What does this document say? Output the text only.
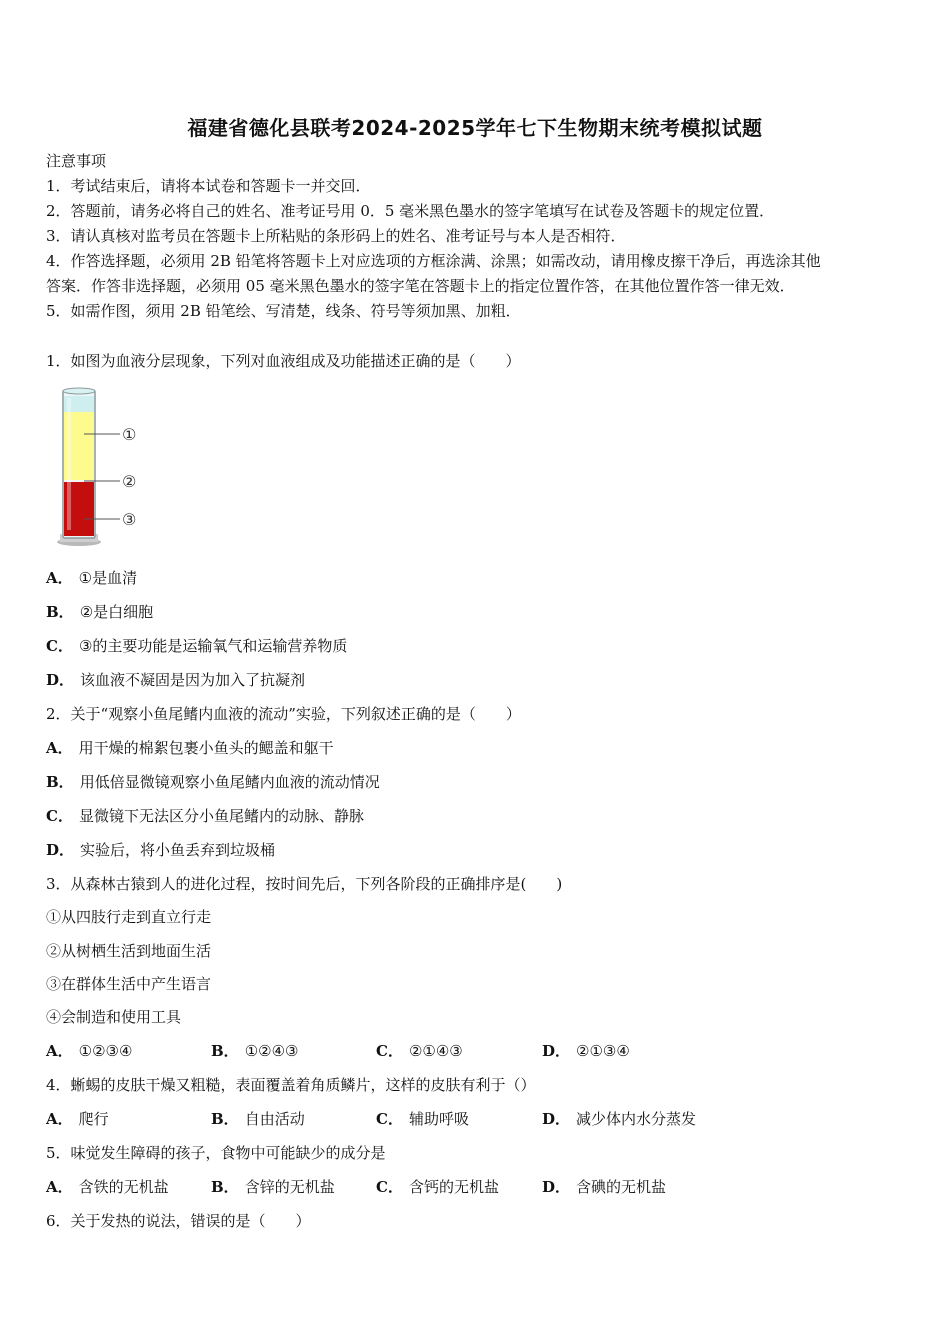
福建省德化县联考2024-2025学年七下生物期末统考模拟试题
注意事项
1．考试结束后，请将本试卷和答题卡一并交回．
2．答题前，请务必将自己的姓名、准考证号用 0．5 毫米黑色墨水的签字笔填写在试卷及答题卡的规定位置．
3．请认真核对监考员在答题卡上所粘贴的条形码上的姓名、准考证号与本人是否相符．
4．作答选择题，必须用 2B 铅笔将答题卡上对应选项的方框涂满、涂黑；如需改动，请用橡皮擦干净后，再选涂其他
答案．作答非选择题，必须用 05 毫米黑色墨水的签字笔在答题卡上的指定位置作答，在其他位置作答一律无效．
5．如需作图，须用 2B 铅笔绘、写清楚，线条、符号等须加黑、加粗．
1．如图为血液分层现象，下列对血液组成及功能描述正确的是（　　）
①
②
③
A． ①是血清
B． ②是白细胞
C． ③的主要功能是运输氧气和运输营养物质
D． 该血液不凝固是因为加入了抗凝剂
2．关于“观察小鱼尾鳍内血液的流动”实验，下列叙述正确的是（　　）
A． 用干燥的棉絮包裹小鱼头的鳃盖和躯干
B． 用低倍显微镜观察小鱼尾鳍内血液的流动情况
C． 显微镜下无法区分小鱼尾鳍内的动脉、静脉
D． 实验后，将小鱼丢弃到垃圾桶
3．从森林古猿到人的进化过程，按时间先后，下列各阶段的正确排序是(　　)
①从四肢行走到直立行走
②从树栖生活到地面生活
③在群体生活中产生语言
④会制造和使用工具
A． ①②③④	B． ①②④③	C． ②①④③	D． ②①③④
4．蜥蜴的皮肤干燥又粗糙，表面覆盖着角质鳞片，这样的皮肤有利于（）
A． 爬行	B． 自由活动	C． 辅助呼吸	D． 减少体内水分蒸发
5．味觉发生障碍的孩子，食物中可能缺少的成分是
A． 含铁的无机盐	B． 含锌的无机盐	C． 含钙的无机盐	D． 含碘的无机盐
6．关于发热的说法，错误的是（　　）
